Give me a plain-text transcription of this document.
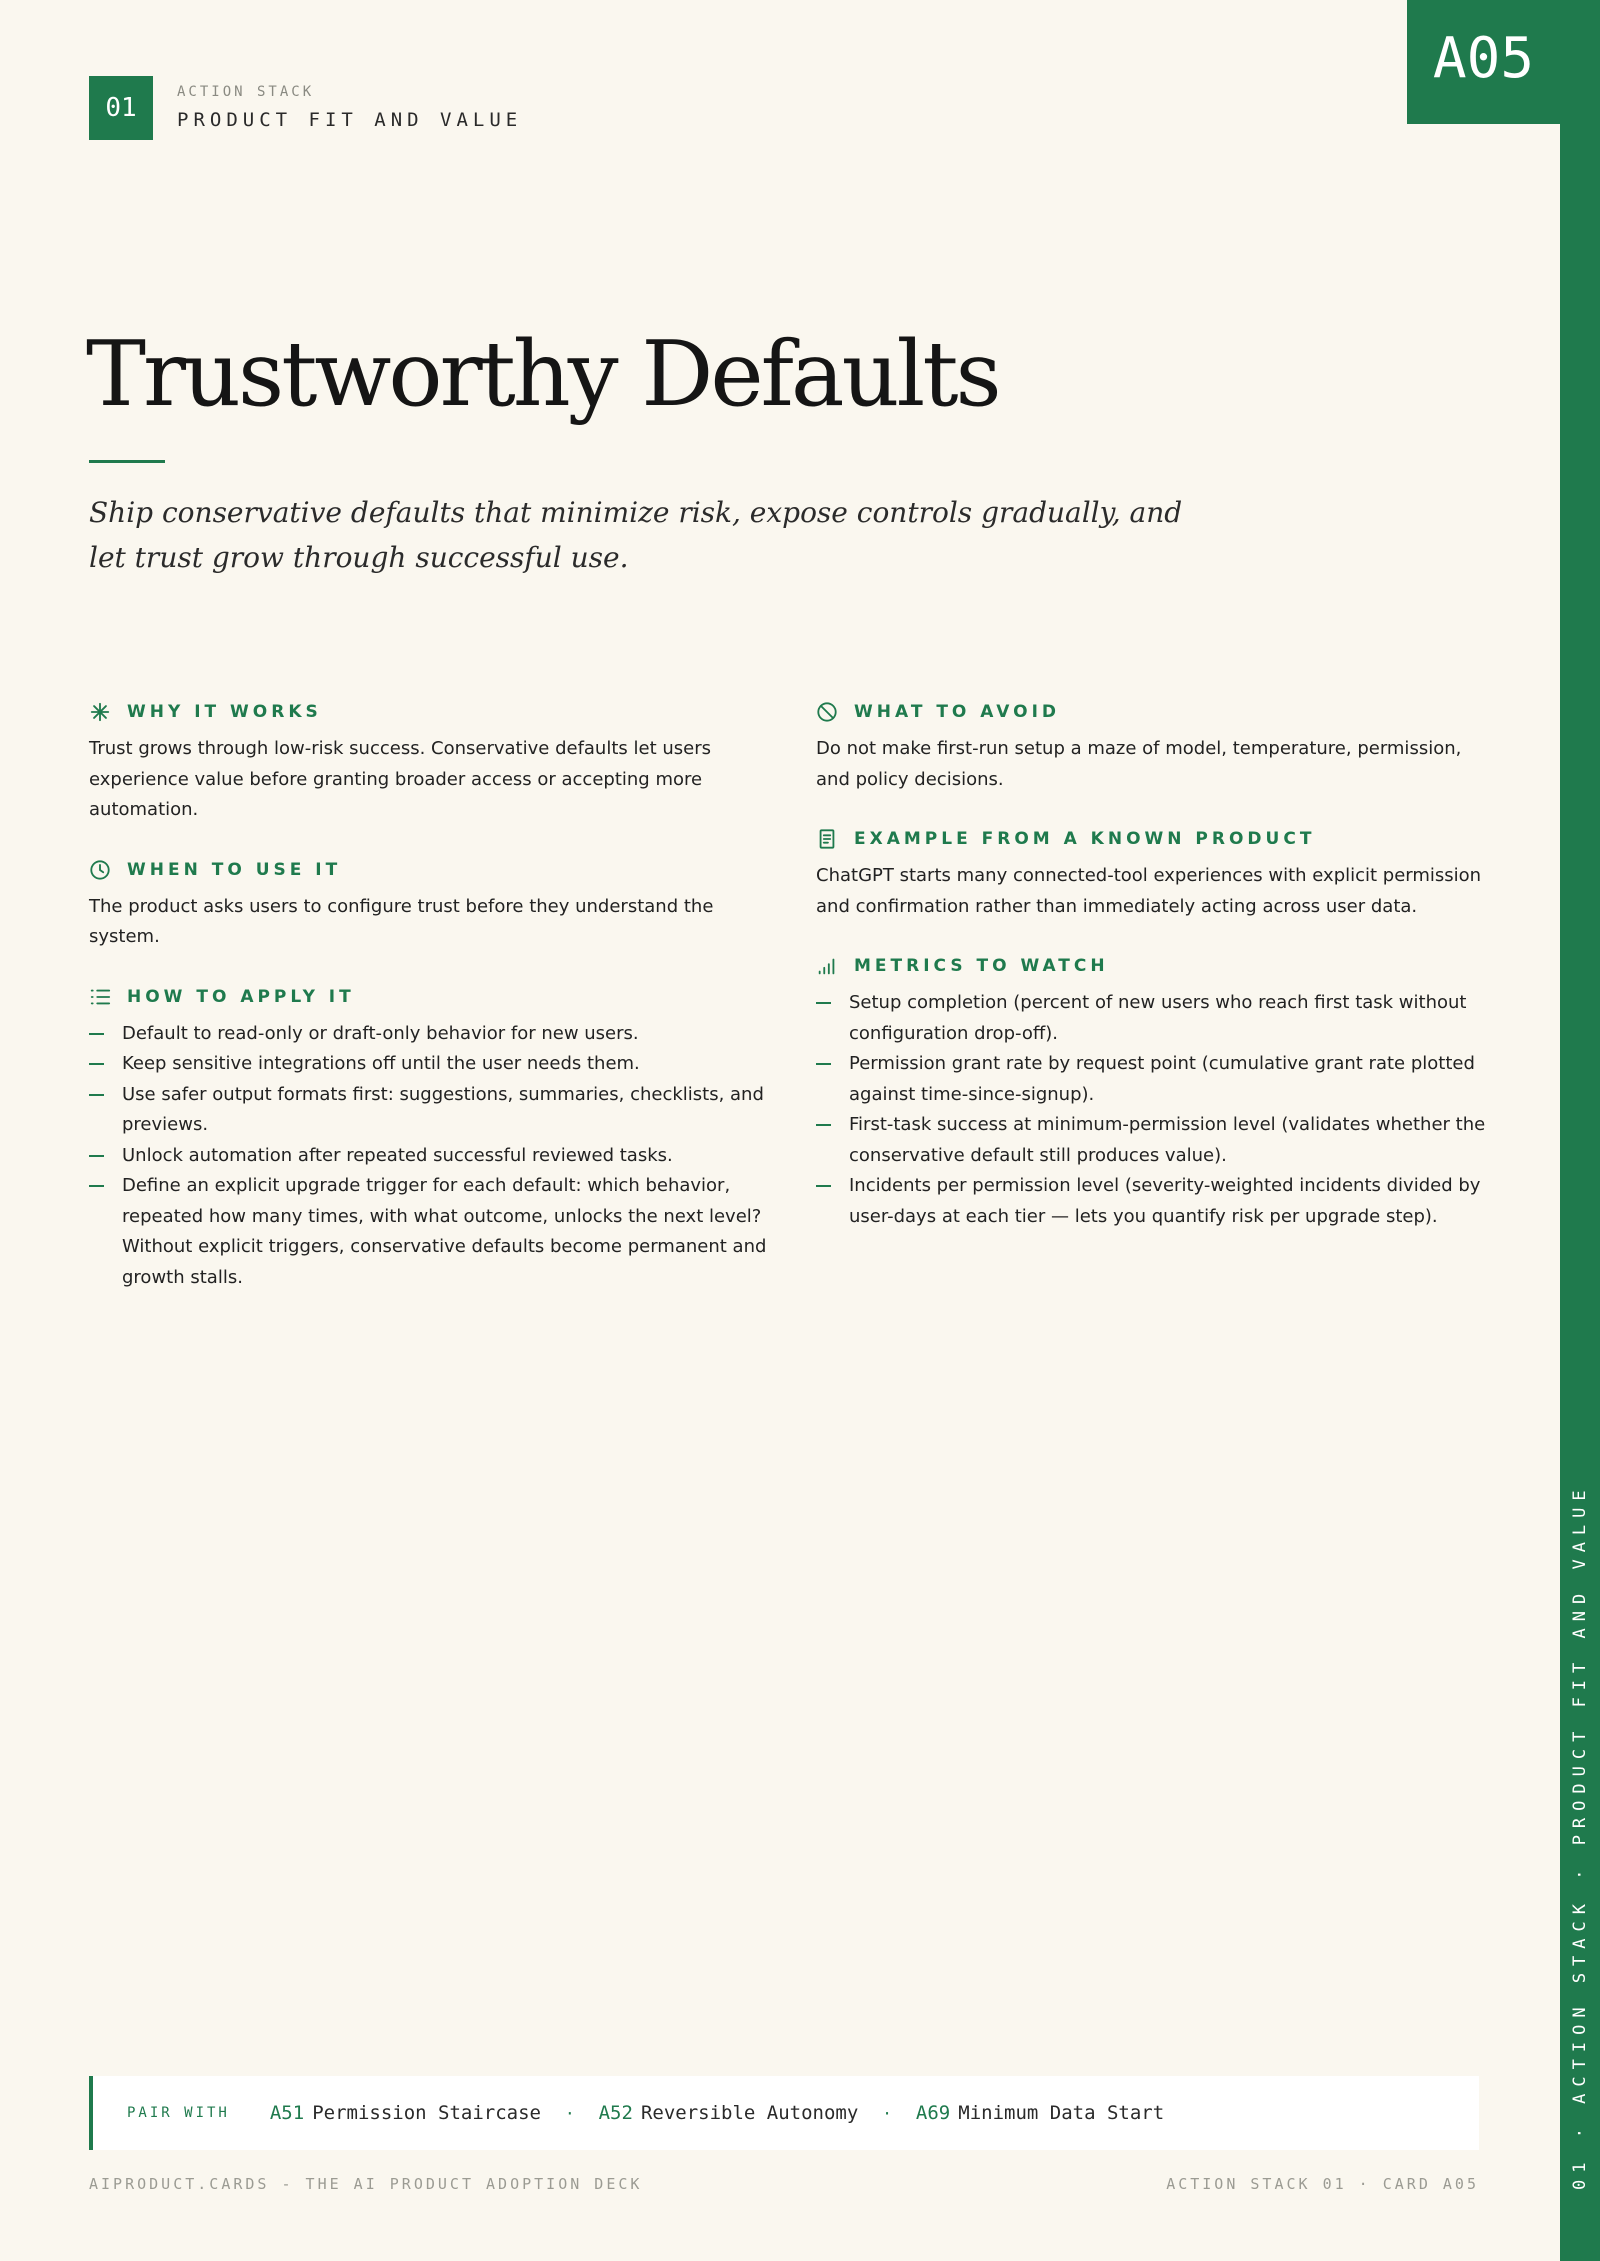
01
ACTION STACK
PRODUCT FIT AND VALUE
A05
01 · ACTION STACK · PRODUCT FIT AND VALUE
Trustworthy Defaults

Ship conservative defaults that minimize risk, expose controls gradually, and let trust grow through successful use.

WHY IT WORKS

Trust grows through low-risk success. Conservative defaults let users experience value before granting broader access or accepting more automation.

WHEN TO USE IT

The product asks users to configure trust before they understand the system.

HOW TO APPLY IT
Default to read-only or draft-only behavior for new users.
Keep sensitive integrations off until the user needs them.
Use safer output formats first: suggestions, summaries, checklists, and previews.
Unlock automation after repeated successful reviewed tasks.
Define an explicit upgrade trigger for each default: which behavior, repeated how many times, with what outcome, unlocks the next level? Without explicit triggers, conservative defaults become permanent and growth stalls.
WHAT TO AVOID

Do not make first-run setup a maze of model, temperature, permission, and policy decisions.

EXAMPLE FROM A KNOWN PRODUCT

ChatGPT starts many connected-tool experiences with explicit permission and confirmation rather than immediately acting across user data.

METRICS TO WATCH
Setup completion (percent of new users who reach first task without configuration drop-off).
Permission grant rate by request point (cumulative grant rate plotted against time-since-signup).
First-task success at minimum-permission level (validates whether the conservative default still produces value).
Incidents per permission level (severity-weighted incidents divided by user-days at each tier — lets you quantify risk per upgrade step).
PAIR WITH A51 Permission Staircase · A52 Reversible Autonomy · A69 Minimum Data Start
AIPRODUCT.CARDS - THE AI PRODUCT ADOPTION DECK	ACTION STACK 01 · CARD A05
